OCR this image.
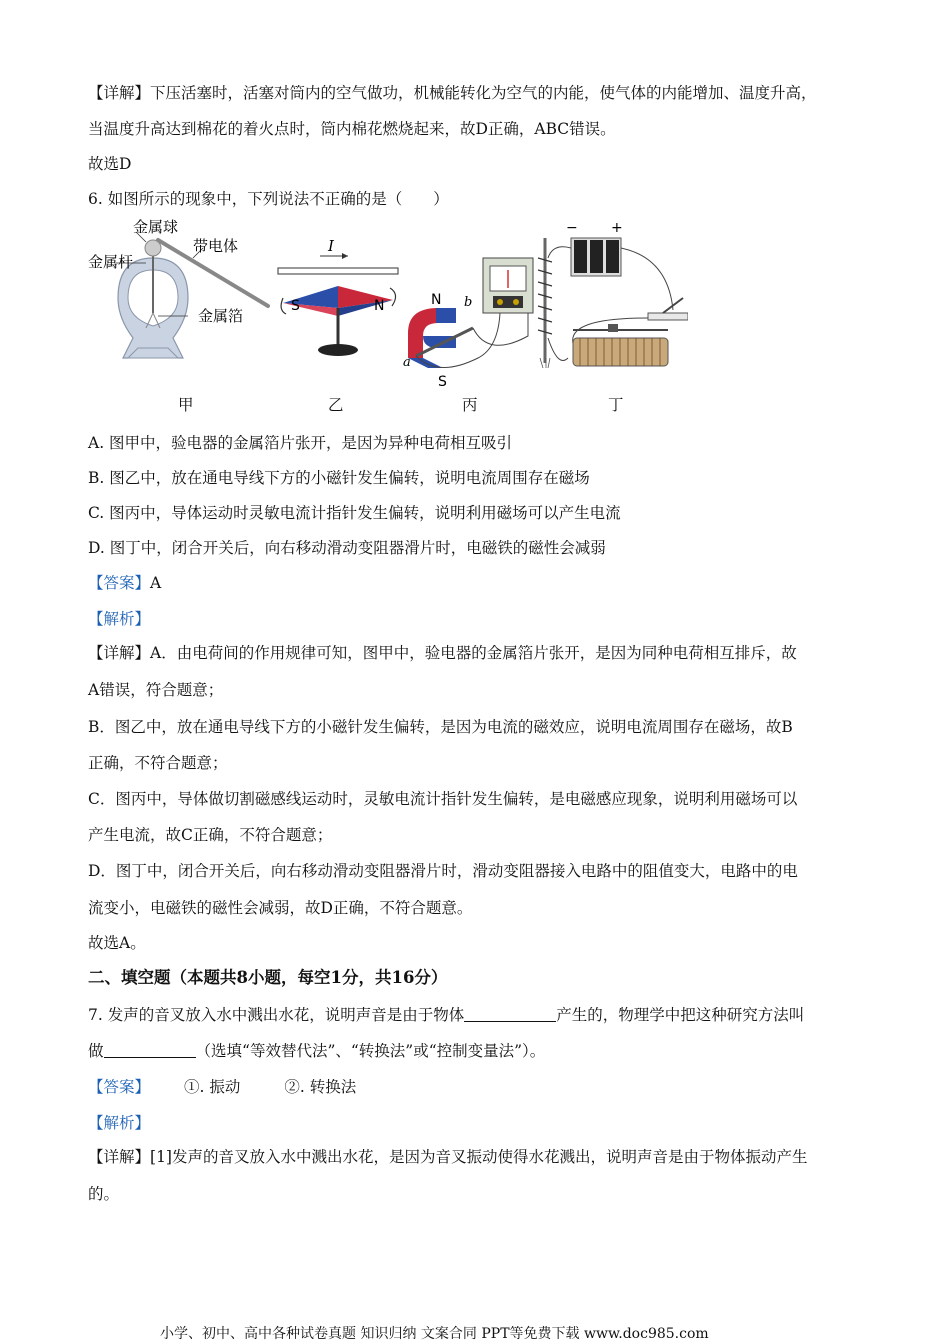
【详解】下压活塞时，活塞对筒内的空气做功，机械能转化为空气的内能，使气体的内能增加、温度升高，
当温度升高达到棉花的着火点时，筒内棉花燃烧起来，故D正确，ABC错误。
故选D
6. 如图所示的现象中，下列说法不正确的是（　　）
金属球
带电体
金属杆
金属箔
I
S	N	N
S
a
b
− +
甲	乙	丙	丁
A. 图甲中，验电器的金属箔片张开，是因为异种电荷相互吸引
B. 图乙中，放在通电导线下方的小磁针发生偏转，说明电流周围存在磁场
C. 图丙中，导体运动时灵敏电流计指针发生偏转，说明利用磁场可以产生电流
D. 图丁中，闭合开关后，向右移动滑动变阻器滑片时，电磁铁的磁性会减弱
【答案】A
【解析】
【详解】A．由电荷间的作用规律可知，图甲中，验电器的金属箔片张开，是因为同种电荷相互排斥，故
A错误，符合题意；
B．图乙中，放在通电导线下方的小磁针发生偏转，是因为电流的磁效应，说明电流周围存在磁场，故B
正确，不符合题意；
C．图丙中，导体做切割磁感线运动时，灵敏电流计指针发生偏转，是电磁感应现象，说明利用磁场可以
产生电流，故C正确，不符合题意；
D．图丁中，闭合开关后，向右移动滑动变阻器滑片时，滑动变阻器接入电路中的阻值变大，电路中的电
流变小，电磁铁的磁性会减弱，故D正确，不符合题意。
故选A。
二、填空题（本题共8小题，每空1分，共16分）
7. 发声的音叉放入水中溅出水花，说明声音是由于物体	产生的，物理学中把这种研究方法叫
做	（选填“等效替代法”、“转换法”或“控制变量法”）。
【答案】 ①. 振动	②. 转换法
【解析】
【详解】[1]发声的音叉放入水中溅出水花，是因为音叉振动使得水花溅出，说明声音是由于物体振动产生
的。
小学、初中、高中各种试卷真题 知识归纳 文案合同 PPT等免费下载 www.doc985.com
